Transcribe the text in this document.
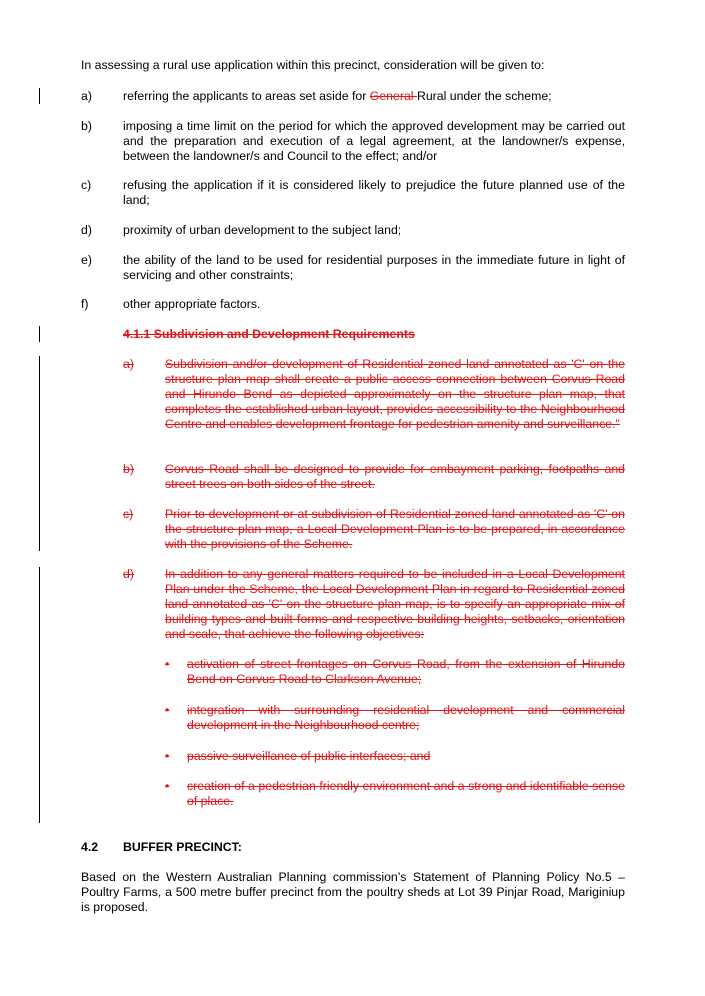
In assessing a rural use application within this precinct, consideration will be given to:
a)	referring the applicants to areas set aside for General Rural under the scheme;
b)	imposing a time limit on the period for which the approved development may be carried out and the preparation and execution of a legal agreement, at the landowner/s expense, between the landowner/s and Council to the effect; and/or
c)	refusing the application if it is considered likely to prejudice the future planned use of the land;
d)	proximity of urban development to the subject land;
e)	the ability of the land to be used for residential purposes in the immediate future in light of servicing and other constraints;
f)	other appropriate factors.
4.1.1 Subdivision and Development Requirements
a)	Subdivision and/or development of Residential zoned land annotated as 'C' on the structure plan map shall create a public access connection between Corvus Road and Hirundo Bend as depicted approximately on the structure plan map, that completes the established urban layout, provides accessibility to the Neighbourhood Centre and enables development frontage for pedestrian amenity and surveillance."
b)	Corvus Road shall be designed to provide for embayment parking, footpaths and street trees on both sides of the street.
c)	Prior to development or at subdivision of Residential zoned land annotated as 'C' on the structure plan map, a Local Development Plan is to be prepared, in accordance with the provisions of the Scheme.
d)	In addition to any general matters required to be included in a Local Development Plan under the Scheme, the Local Development Plan in regard to Residential zoned land annotated as 'C' on the structure plan map, is to specify an appropriate mix of building types and built forms and respective building heights, setbacks, orientation and scale, that achieve the following objectives:
• activation of street frontages on Corvus Road, from the extension of Hirundo Bend on Corvus Road to Clarkson Avenue;
• integration with surrounding residential development and commercial development in the Neighbourhood centre;
• passive surveillance of public interfaces; and
• creation of a pedestrian friendly environment and a strong and identifiable sense of place.
4.2 BUFFER PRECINCT:
Based on the Western Australian Planning commission’s Statement of Planning Policy No.5 – Poultry Farms, a 500 metre buffer precinct from the poultry sheds at Lot 39 Pinjar Road, Mariginiup is proposed.
